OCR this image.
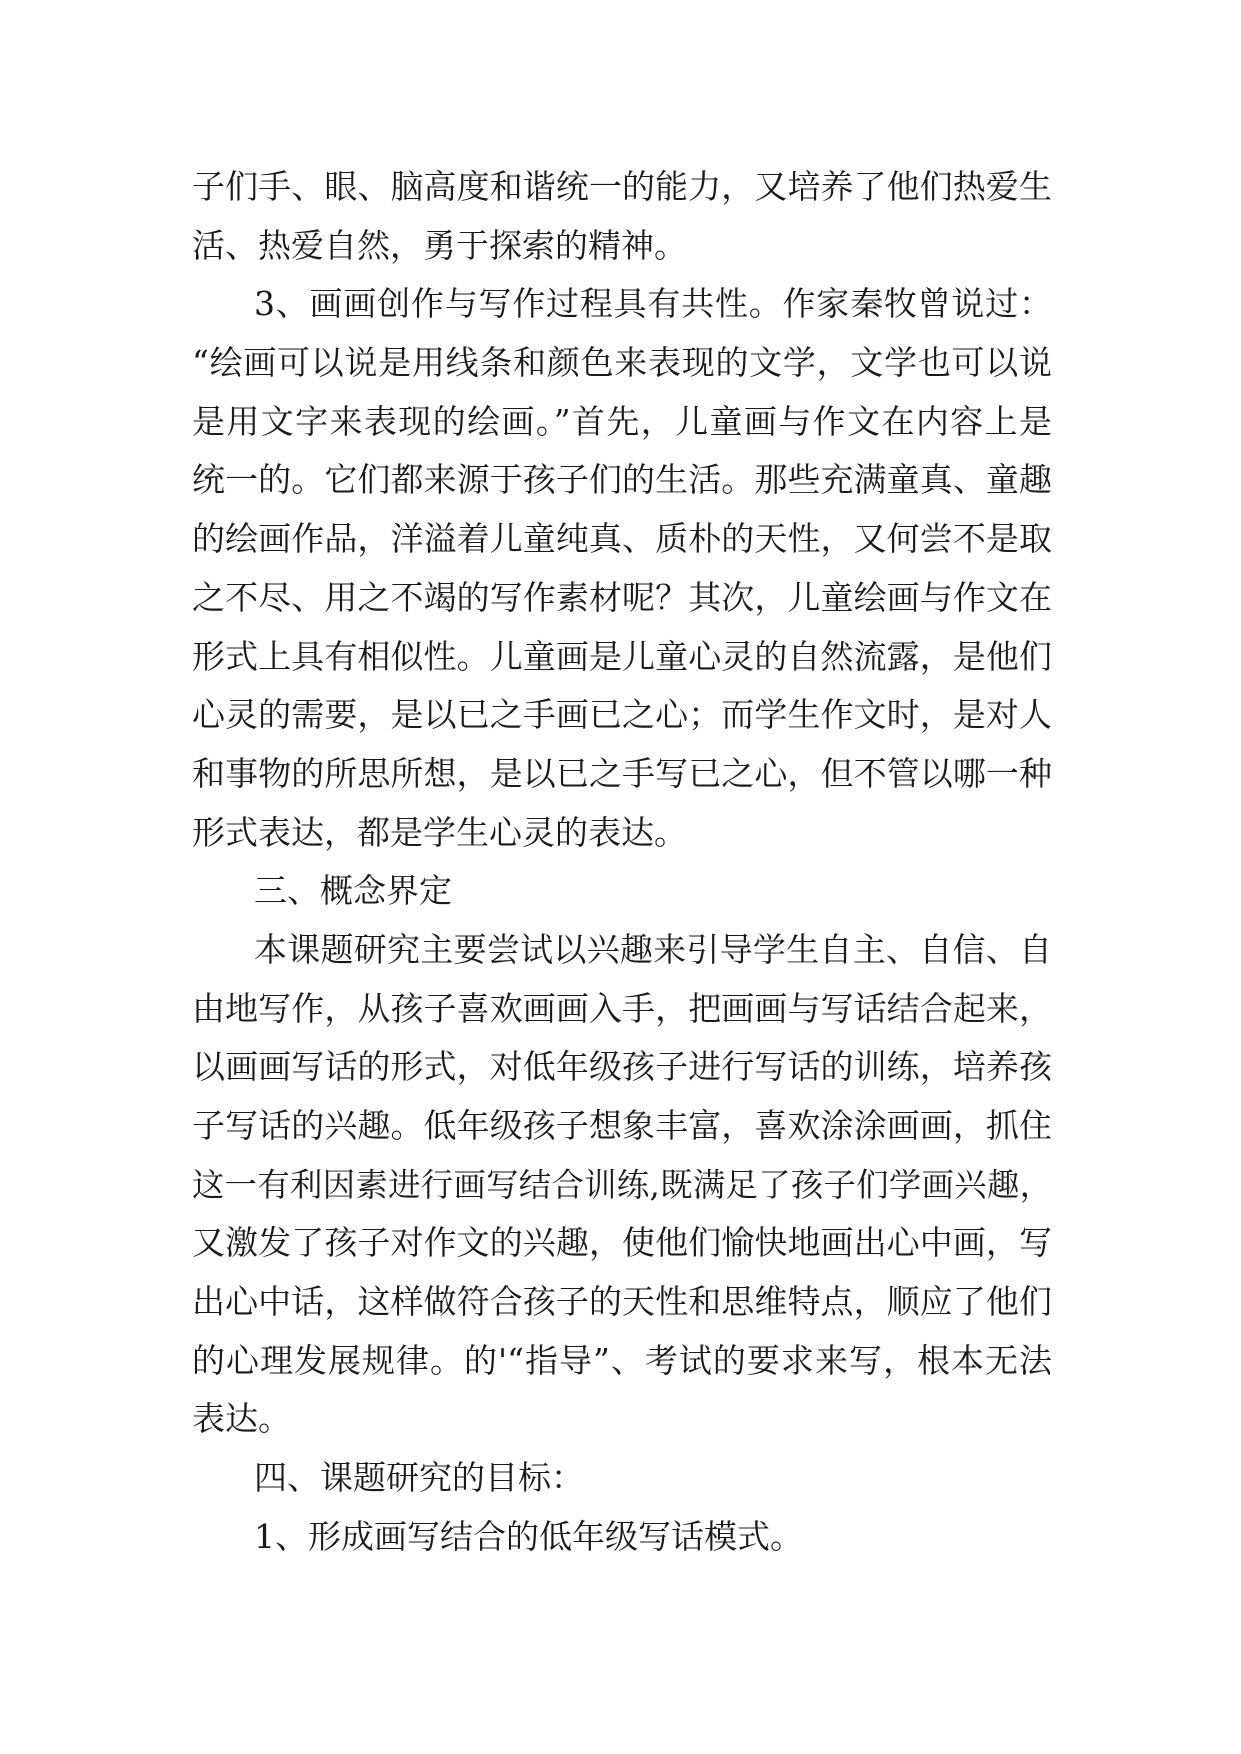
子们手、眼、脑高度和谐统一的能力，又培养了他们热爱生
活、热爱自然，勇于探索的精神。
3、画画创作与写作过程具有共性。作家秦牧曾说过：
“绘画可以说是用线条和颜色来表现的文学，文学也可以说
是用文字来表现的绘画。”首先，儿童画与作文在内容上是
统一的。它们都来源于孩子们的生活。那些充满童真、童趣
的绘画作品，洋溢着儿童纯真、质朴的天性，又何尝不是取
之不尽、用之不竭的写作素材呢？其次，儿童绘画与作文在
形式上具有相似性。儿童画是儿童心灵的自然流露，是他们
心灵的需要，是以已之手画已之心；而学生作文时，是对人
和事物的所思所想，是以已之手写已之心，但不管以哪一种
形式表达，都是学生心灵的表达。
三、概念界定
本课题研究主要尝试以兴趣来引导学生自主、自信、自
由地写作，从孩子喜欢画画入手，把画画与写话结合起来，
以画画写话的形式，对低年级孩子进行写话的训练，培养孩
子写话的兴趣。低年级孩子想象丰富，喜欢涂涂画画，抓住
这一有利因素进行画写结合训练,既满足了孩子们学画兴趣，
又激发了孩子对作文的兴趣，使他们愉快地画出心中画，写
出心中话，这样做符合孩子的天性和思维特点，顺应了他们
的心理发展规律。的'“指导”、考试的要求来写，根本无法
表达。
四、课题研究的目标：
1、形成画写结合的低年级写话模式。
